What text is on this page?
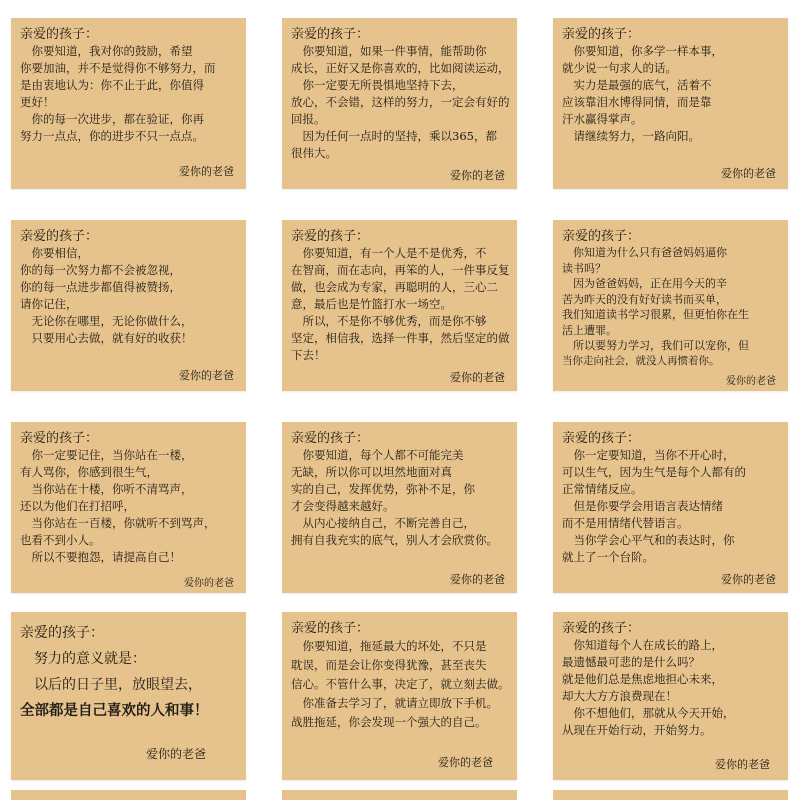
亲爱的孩子：
　你要知道，我对你的鼓励，希望
你要加油，并不是觉得你不够努力，而
是由衷地认为：你不止于此，你值得
更好！
　你的每一次进步，都在验证，你再
努力一点点，你的进步不只一点点。
爱你的老爸
亲爱的孩子：
　你要知道，如果一件事情，能帮助你
成长，正好又是你喜欢的，比如阅读运动，
　你一定要无所畏惧地坚持下去，
放心，不会错，这样的努力，一定会有好的
回报。
　因为任何一点时的坚持，乘以365，都
很伟大。
爱你的老爸
亲爱的孩子：
　你要知道，你多学一样本事，
就少说一句求人的话。
　实力是最强的底气，活着不
应该靠泪水博得同情，而是靠
汗水赢得掌声。
　请继续努力，一路向阳。
爱你的老爸
亲爱的孩子：
　你要相信，
你的每一次努力都不会被忽视，
你的每一点进步都值得被赞扬，
请你记住，
　无论你在哪里，无论你做什么，
　只要用心去做，就有好的收获！
爱你的老爸
亲爱的孩子：
　你要知道，有一个人是不是优秀，不
在智商，而在志向，再笨的人，一件事反复
做，也会成为专家，再聪明的人，三心二
意，最后也是竹篮打水一场空。
　所以，不是你不够优秀，而是你不够
坚定，相信我，选择一件事，然后坚定的做
下去！
爱你的老爸
亲爱的孩子：
　你知道为什么只有爸爸妈妈逼你
读书吗？
　因为爸爸妈妈，正在用今天的辛
苦为昨天的没有好好读书而买单，
我们知道读书学习很累，但更怕你在生
活上遭罪。
　所以要努力学习，我们可以宠你，但
当你走向社会，就没人再惯着你。
爱你的老爸
亲爱的孩子：
　你一定要记住，当你站在一楼，
有人骂你，你感到很生气，
　当你站在十楼，你听不清骂声，
还以为他们在打招呼，
　当你站在一百楼，你就听不到骂声，
也看不到小人。
　所以不要抱怨，请提高自己！
爱你的老爸
亲爱的孩子：
　你要知道，每个人都不可能完美
无缺，所以你可以坦然地面对真
实的自己，发挥优势，弥补不足，你
才会变得越来越好。
　从内心接纳自己，不断完善自己，
拥有自我充实的底气，别人才会欣赏你。
爱你的老爸
亲爱的孩子：
　你一定要知道，当你不开心时，
可以生气，因为生气是每个人都有的
正常情绪反应。
　但是你要学会用语言表达情绪
而不是用情绪代替语言。
　当你学会心平气和的表达时，你
就上了一个台阶。
爱你的老爸
亲爱的孩子：
　努力的意义就是：
　以后的日子里，放眼望去，
全部都是自己喜欢的人和事！
爱你的老爸
亲爱的孩子：
　你要知道，拖延最大的坏处，不只是
耽误，而是会让你变得犹豫，甚至丧失
信心。不管什么事，决定了，就立刻去做。
　你准备去学习了，就请立即放下手机。
战胜拖延，你会发现一个强大的自己。
爱你的老爸
亲爱的孩子：
　你知道每个人在成长的路上，
最遗憾最可悲的是什么吗？
就是他们总是焦虑地担心未来，
却大大方方浪费现在！
　你不想他们，那就从今天开始，
从现在开始行动，开始努力。
爱你的老爸
